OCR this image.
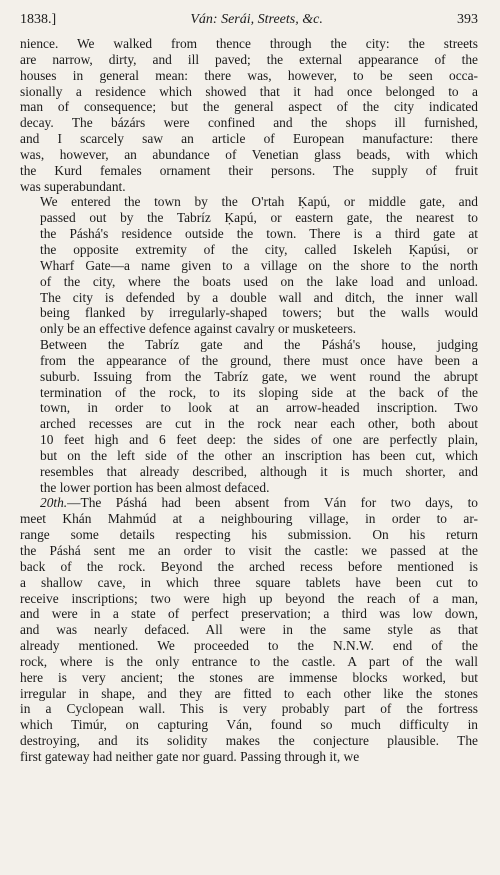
1838.]	Ván: Serái, Streets, &c.	393

nience. We walked from thence through the city: the streets
are narrow, dirty, and ill paved; the external appearance of the
houses in general mean: there was, however, to be seen occa-
sionally a residence which showed that it had once belonged to a
man of consequence; but the general aspect of the city indicated
decay. The bázárs were confined and the shops ill furnished,
and I scarcely saw an article of European manufacture: there
was, however, an abundance of Venetian glass beads, with which
the Kurd females ornament their persons. The supply of fruit
was superabundant.

We entered the town by the O'rtah Ḳapú, or middle gate, and
passed out by the Tabríz Ḳapú, or eastern gate, the nearest to
the Páshá's residence outside the town. There is a third gate at
the opposite extremity of the city, called Iskeleh Ḳapúsi, or
Wharf Gate—a name given to a village on the shore to the north
of the city, where the boats used on the lake load and unload.
The city is defended by a double wall and ditch, the inner wall
being flanked by irregularly-shaped towers; but the walls would
only be an effective defence against cavalry or musketeers.

Between the Tabríz gate and the Páshá's house, judging
from the appearance of the ground, there must once have been a
suburb. Issuing from the Tabríz gate, we went round the abrupt
termination of the rock, to its sloping side at the back of the
town, in order to look at an arrow-headed inscription. Two
arched recesses are cut in the rock near each other, both about
10 feet high and 6 feet deep: the sides of one are perfectly plain,
but on the left side of the other an inscription has been cut, which
resembles that already described, although it is much shorter, and
the lower portion has been almost defaced.

20th.—The Páshá had been absent from Ván for two days, to
meet Khán Mahmúd at a neighbouring village, in order to ar-
range some details respecting his submission. On his return
the Páshá sent me an order to visit the castle: we passed at the
back of the rock. Beyond the arched recess before mentioned is
a shallow cave, in which three square tablets have been cut to
receive inscriptions; two were high up beyond the reach of a man,
and were in a state of perfect preservation; a third was low down,
and was nearly defaced. All were in the same style as that
already mentioned. We proceeded to the N.N.W. end of the
rock, where is the only entrance to the castle. A part of the wall
here is very ancient; the stones are immense blocks worked, but
irregular in shape, and they are fitted to each other like the stones
in a Cyclopean wall. This is very probably part of the fortress
which Timúr, on capturing Ván, found so much difficulty in
destroying, and its solidity makes the conjecture plausible. The
first gateway had neither gate nor guard. Passing through it, we
